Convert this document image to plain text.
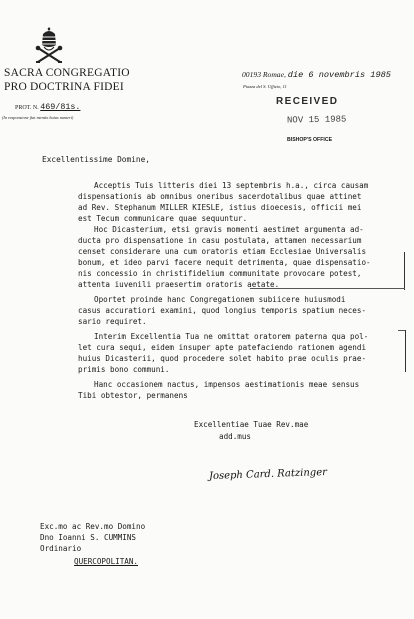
SACRA CONGREGATIO
PRO DOCTRINA FIDEI
PROT. N. 469/81s.
(In responsione fiat mentio huius numeri)
00193 Romae, die 6 novembris 1985
Piazza del S. Uffizio, 11
RECEIVED
NOV 15 1985
BISHOP'S OFFICE
Excellentissime Domine,
Acceptis Tuis litteris diei 13 septembris h.a., circa causam
dispensationis ab omnibus oneribus sacerdotalibus quae attinet
ad Rev. Stephanum MILLER KIESLE, istius dioecesis, officii mei
est Tecum communicare quae sequuntur.
Hoc Dicasterium, etsi gravis momenti aestimet argumenta ad-
ducta pro dispensatione in casu postulata, attamen necessarium
censet considerare una cum oratoris etiam Ecclesiae Universalis
bonum, et ideo parvi facere nequit detrimenta, quae dispensatio-
nis concessio in christifidelium communitate provocare potest,
attenta iuvenili praesertim oratoris aetate.
Oportet proinde hanc Congregationem subiicere huiusmodi
casus accuratiori examini, quod longius temporis spatium neces-
sario requiret.
Interim Excellentia Tua ne omittat oratorem paterna qua pol-
let cura sequi, eidem insuper apte patefaciendo rationem agendi
huius Dicasterii, quod procedere solet habito prae oculis prae-
primis bono communi.
Hanc occasionem nactus, impensos aestimationis meae sensus
Tibi obtestor, permanens
Excellentiae Tuae Rev.mae
add.mus
Joseph Card. Ratzinger
Exc.mo ac Rev.mo Domino
Dno Ioanni S. CUMMINS
Ordinario
QUERCOPOLITAN.
